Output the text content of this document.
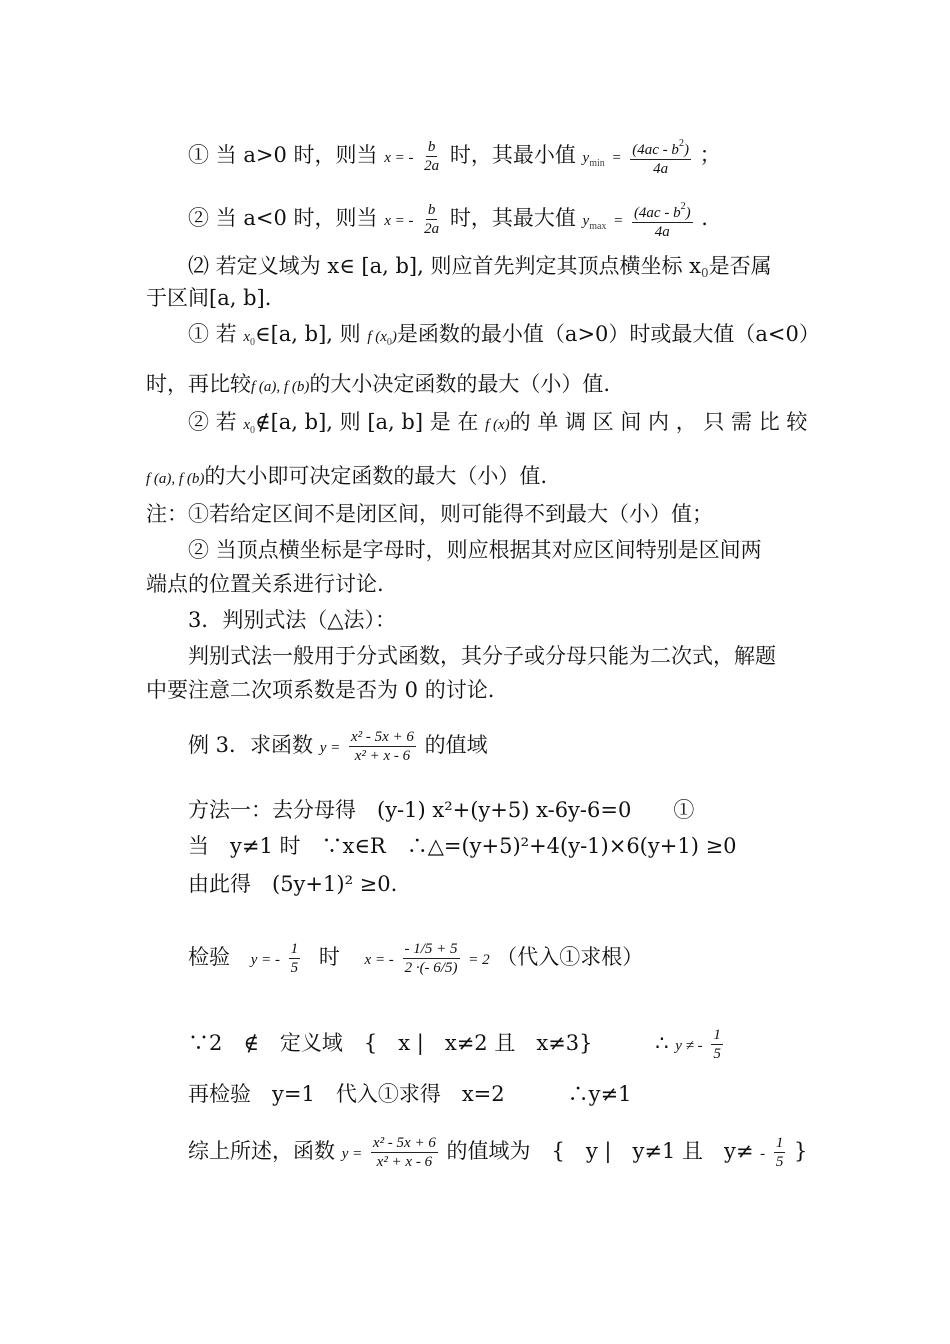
① 当 a>0 时，则当 x = - $\frac{b}{2a}$ 时，其最小值 $y_{min} = \frac{(4ac - b^2)}{4a}$ ；
② 当 a<0 时，则当 x = - $\frac{b}{2a}$ 时，其最大值 $y_{max} = \frac{(4ac - b^2)}{4a}$ .
⑵ 若定义域为 x∈ [a, b], 则应首先判定其顶点横坐标 $x_0$是否属
于区间[a, b].
① 若 $x_0\in[a$, b], 则 f $(x_0)$是函数的最小值（a>0）时或最大值（a<0）
时，再比较f (a), f (b)的大小决定函数的最大（小）值.
② 若 $x_0\notin[a$, b], 则 [a, b] 是 在 f (x)的 单 调 区 间 内 ， 只 需 比 较
f (a), f (b)的大小即可决定函数的最大（小）值.
注：①若给定区间不是闭区间，则可能得不到最大（小）值；
② 当顶点横坐标是字母时，则应根据其对应区间特别是区间两
端点的位置关系进行讨论.
3．判别式法（△法）：
判别式法一般用于分式函数，其分子或分母只能为二次式，解题
中要注意二次项系数是否为 0 的讨论.
例 3．求函数 $y = \frac{\text{x² - 5x + 6}}{\text{x² + x - 6}}$ 的值域
方法一：去分母得　(y-1) x²+(y+5) x-6y-6=0　　①
当　y≠1 时　∵x∈R　∴△=(y+5)²+4(y-1)×6(y+1) ≥0
由此得　(5y+1)² ≥0.
检验 y = - $\frac{1}{5}$ 时 x = - $\frac{- 1/5 + 5}{2 \cdot(- 6/5)} = 2$ （代入①求根）
∵2　∉　定义域　{　x |　x≠2 且　x≠3}	∴ y ≠ - $\frac{1}{5}$
再检验　y=1　代入①求得　x=2　　　∴y≠1
综上所述，函数 $y = \frac{\text{x² - 5x + 6}}{\text{x² + x - 6}}$ 的值域为　{　y |　y≠1 且　$y\ne - \frac{1}{5}$ }
